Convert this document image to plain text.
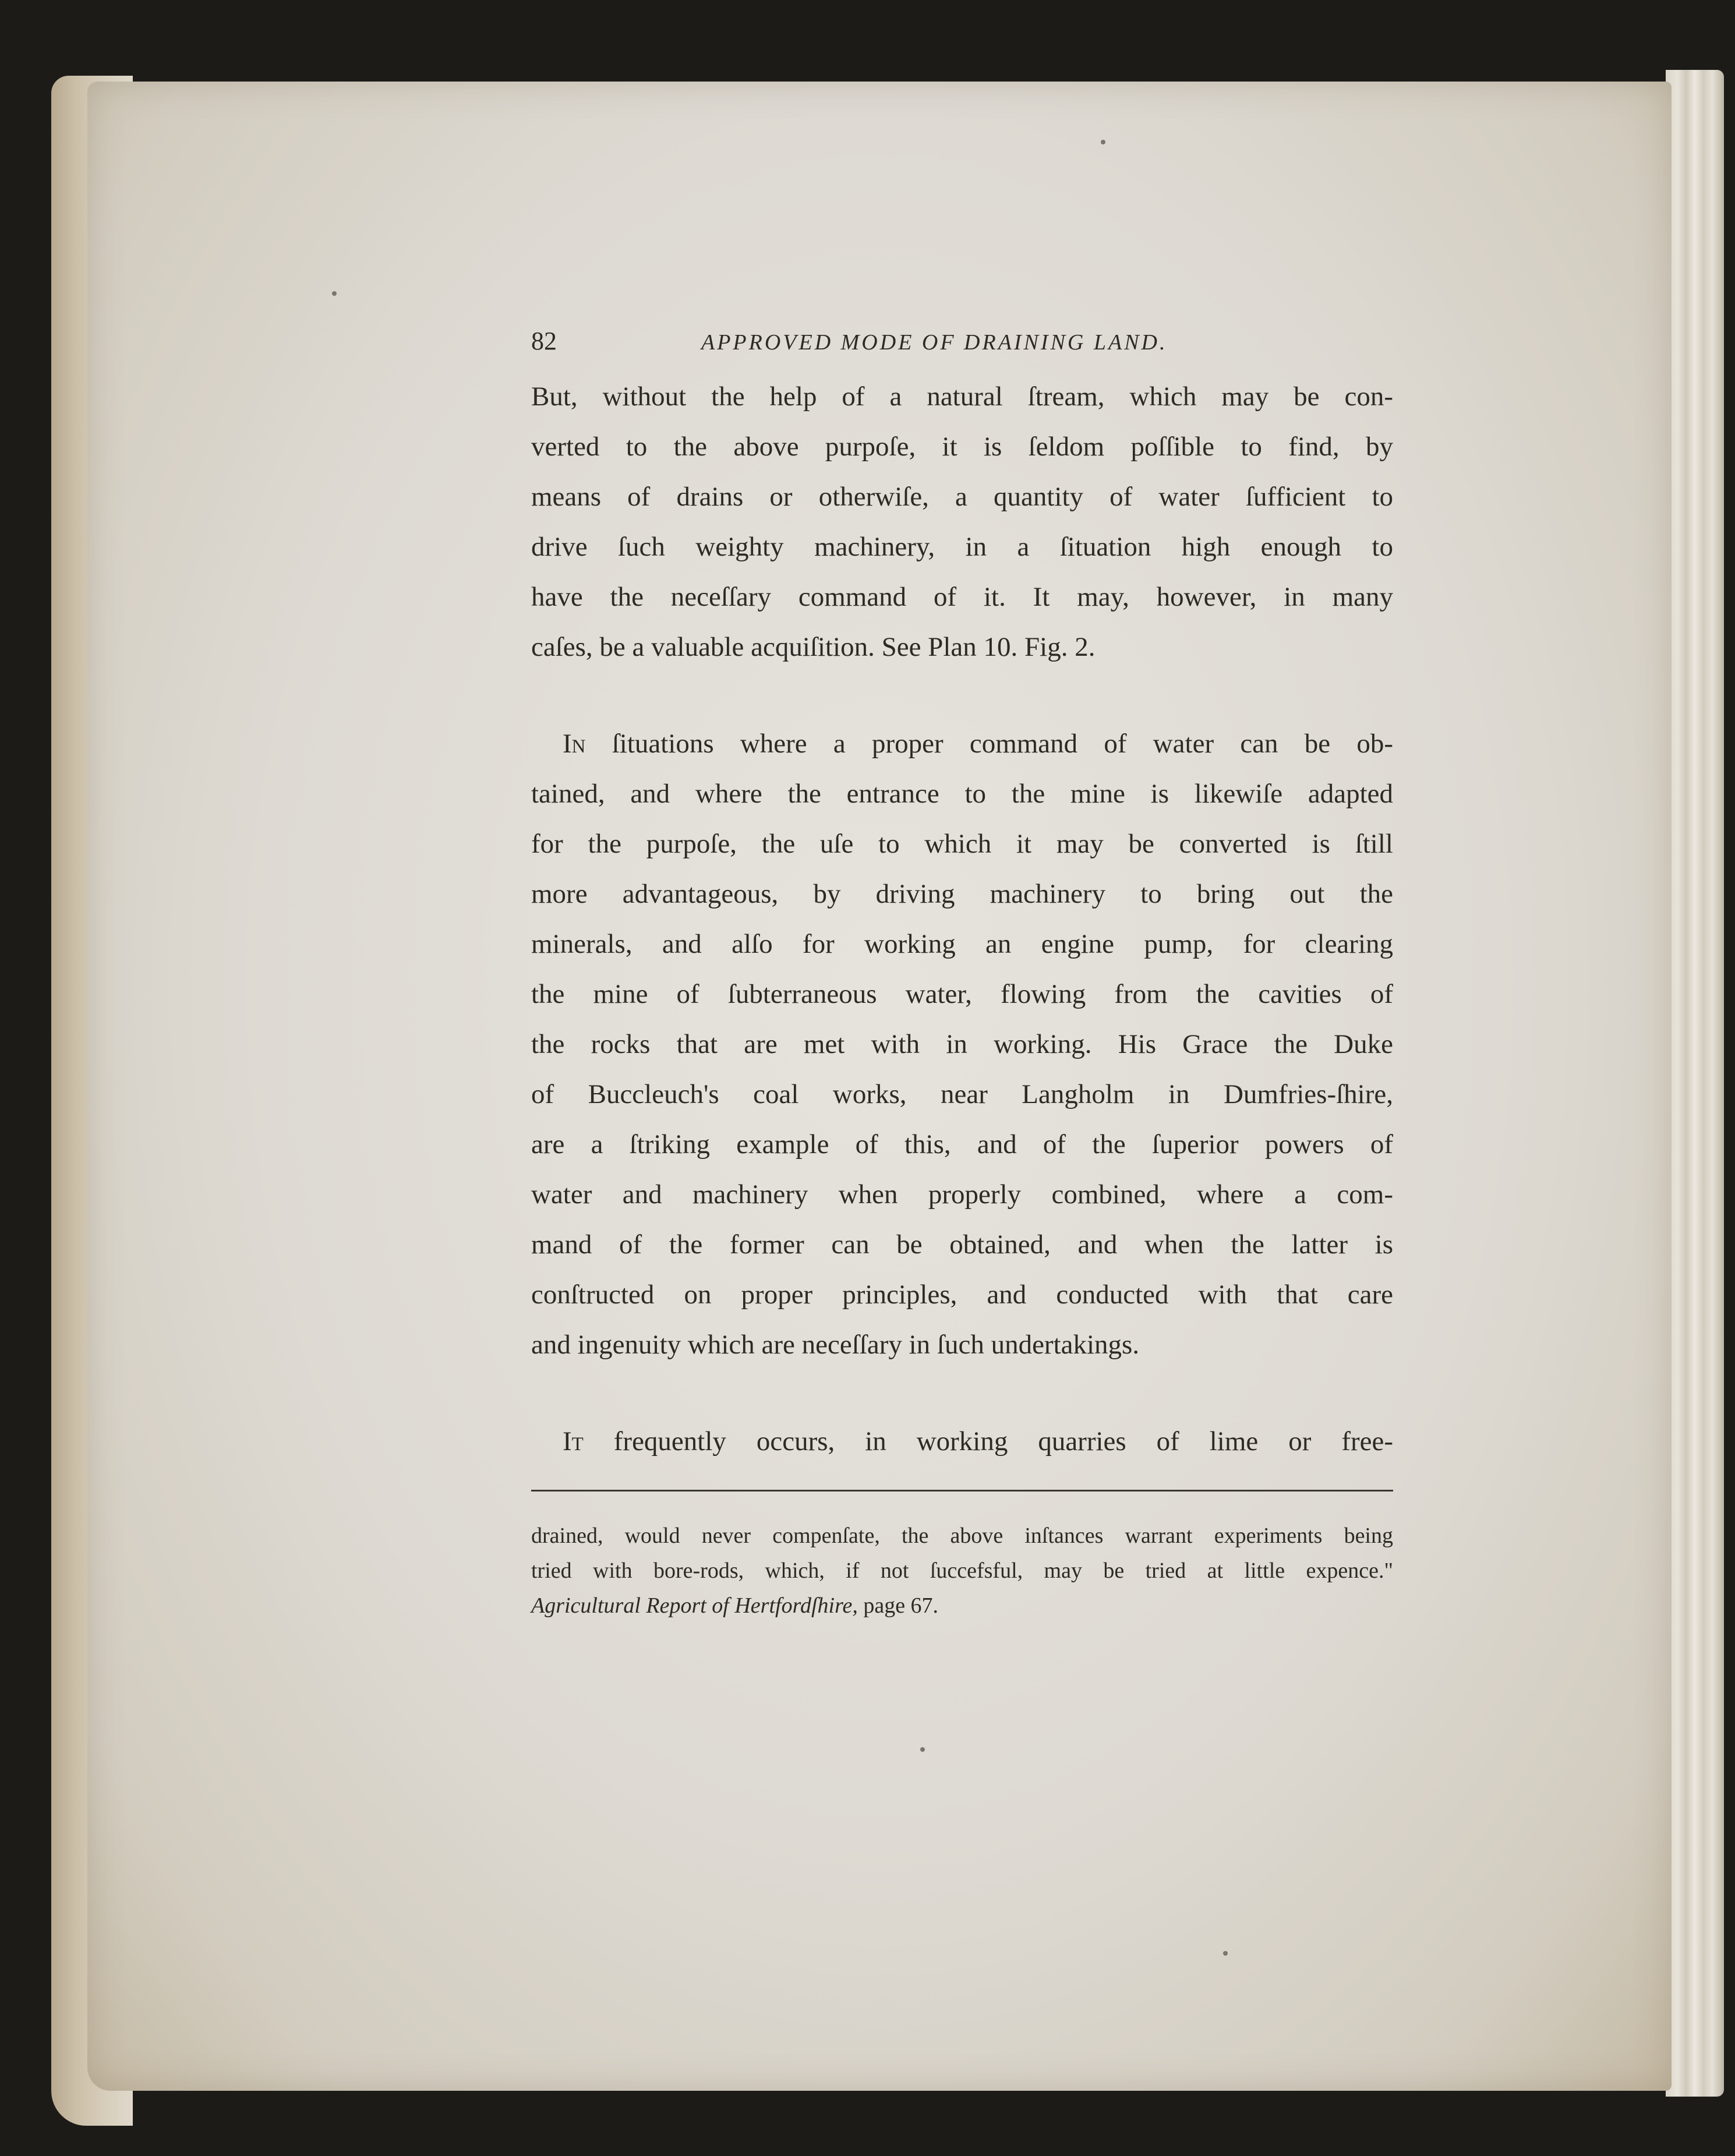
82	APPROVED MODE OF DRAINING LAND.

But, without the help of a natural ſtream, which may be con-
verted to the above purpoſe, it is ſeldom poſſible to find, by
means of drains or otherwiſe, a quantity of water ſufficient to
drive ſuch weighty machinery, in a ſituation high enough to
have the neceſſary command of it. It may, however, in many
caſes, be a valuable acquiſition. See Plan 10. Fig. 2.

In ſituations where a proper command of water can be ob-
tained, and where the entrance to the mine is likewiſe adapted
for the purpoſe, the uſe to which it may be converted is ſtill
more advantageous, by driving machinery to bring out the
minerals, and alſo for working an engine pump, for clearing
the mine of ſubterraneous water, flowing from the cavities of
the rocks that are met with in working. His Grace the Duke
of Buccleuch's coal works, near Langholm in Dumfries-ſhire,
are a ſtriking example of this, and of the ſuperior powers of
water and machinery when properly combined, where a com-
mand of the former can be obtained, and when the latter is
conſtructed on proper principles, and conducted with that care
and ingenuity which are neceſſary in ſuch undertakings.

It frequently occurs, in working quarries of lime or free-

drained, would never compenſate, the above inſtances warrant experiments being
tried with bore-rods, which, if not ſuccefsful, may be tried at little expence."
Agricultural Report of Hertfordſhire, page 67.
